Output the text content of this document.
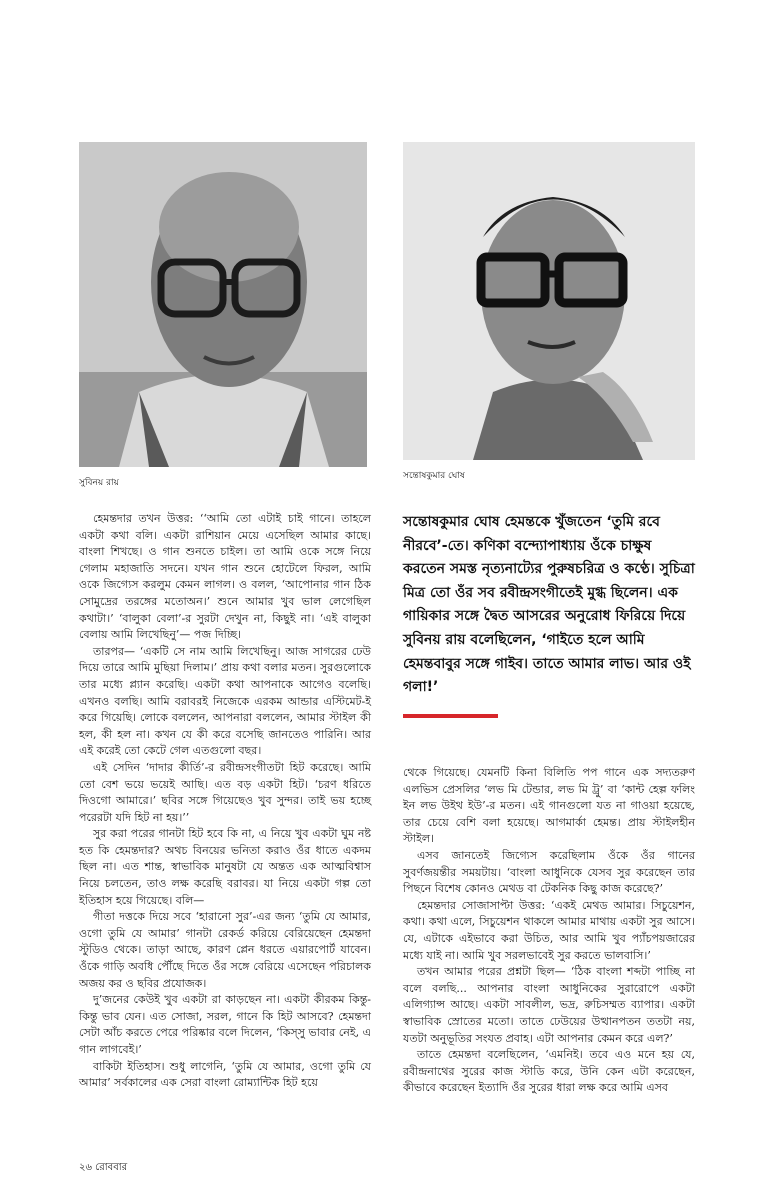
সুবিনয় রায়
সন্তোষকুমার ঘোষ

হেমন্তদার তখন উত্তর: ‘‘আমি তো এটাই চাই গানে। তাহলে একটা কথা বলি। একটা রাশিয়ান মেয়ে এসেছিল আমার কাছে। বাংলা শিখছে। ও গান শুনতে চাইল। তা আমি ওকে সঙ্গে নিয়ে গেলাম মহাজাতি সদনে। যখন গান শুনে হোটেলে ফিরল, আমি ওকে জিগ্যেস করলুম কেমন লাগল। ও বলল, ‘আপোনার গান ঠিক সোমুদ্রের তরঙ্গের মতোঅন।’ শুনে আমার খুব ভাল লেগেছিল কথাটা।’ ‘বালুকা বেলা’-র সুরটা দেখুন না, কিছুই না। ‘এই বালুকা বেলায় আমি লিখেছিনু’— পজ দিচ্ছি।

তারপর— ‘একটি সে নাম আমি লিখেছিনু। আজ সাগরের ঢেউ দিয়ে তারে আমি মুছিয়া দিলাম।’ প্রায় কথা বলার মতন। সুরগুলোকে তার মধ্যে প্ল্যান করেছি। একটা কথা আপনাকে আগেও বলেছি। এখনও বলছি। আমি বরাবরই নিজেকে এরকম আন্ডার এস্টিমেট-ই করে গিয়েছি। লোকে বললেন, আপনারা বললেন, আমার স্টাইল কী হল, কী হল না। কখন যে কী করে বসেছি জানতেও পারিনি। আর এই করেই তো কেটে গেল এতগুলো বছর।

এই সেদিন ‘দাদার কীর্তি’-র রবীন্দ্রসংগীতটা হিট করেছে। আমি তো বেশ ভয়ে ভয়েই আছি। এত বড় একটা হিট। ‘চরণ ধরিতে দিওগো আমারে।’ ছবির সঙ্গে গিয়েছেও খুব সুন্দর। তাই ভয় হচ্ছে পরেরটা যদি হিট না হয়।’’

সুর করা পরের গানটা হিট হবে কি না, এ নিয়ে খুব একটা ঘুম নষ্ট হত কি হেমন্তদার? অথচ বিনয়ের ভনিতা করাও ওঁর ধাতে একদম ছিল না। এত শান্ত, স্বাভাবিক মানুষটা যে অন্তত এক আত্মবিশ্বাস নিয়ে চলতেন, তাও লক্ষ করেছি বরাবর। যা নিয়ে একটা গল্প তো ইতিহাস হয়ে গিয়েছে। বলি—

গীতা দত্তকে দিয়ে সবে ‘হারানো সুর’-এর জন্য ‘তুমি যে আমার, ওগো তুমি যে আমার’ গানটা রেকর্ড করিয়ে বেরিয়েছেন হেমন্তদা স্টুডিও থেকে। তাড়া আছে, কারণ প্লেন ধরতে এয়ারপোর্ট যাবেন। ওঁকে গাড়ি অবধি পৌঁছে দিতে ওঁর সঙ্গে বেরিয়ে এসেছেন পরিচালক অজয় কর ও ছবির প্রযোজক।

দু’জনের কেউই খুব একটা রা কাড়ছেন না। একটা কীরকম কিন্তু-কিন্তু ভাব যেন। এত সোজা, সরল, গানে কি হিট আসবে? হেমন্তদা সেটা আঁচ করতে পেরে পরিষ্কার বলে দিলেন, ‘কিস্সু ভাবার নেই, এ গান লাগবেই।’

বাকিটা ইতিহাস। শুধু লাগেনি, ‘তুমি যে আমার, ওগো তুমি যে আমার’ সর্বকালের এক সেরা বাংলা রোম্যান্টিক হিট হয়ে

সন্তোষকুমার ঘোষ হেমন্তকে খুঁজতেন ‘তুমি রবে নীরবে’-তে। কণিকা বন্দ্যোপাধ্যায় ওঁকে চাক্ষুষ করতেন সমস্ত নৃত্যনাট্যের পুরুষচরিত্র ও কণ্ঠে। সুচিত্রা মিত্র তো ওঁর সব রবীন্দ্রসংগীতেই মুগ্ধ ছিলেন। এক গায়িকার সঙ্গে দ্বৈত আসরের অনুরোধ ফিরিয়ে দিয়ে সুবিনয় রায় বলেছিলেন, ‘গাইতে হলে আমি হেমন্তবাবুর সঙ্গে গাইব। তাতে আমার লাভ। আর ওই গলা!’

থেকে গিয়েছে। যেমনটি কিনা বিলিতি পপ গানে এক সদ্যতরুণ এলভিস প্রেসলির ‘লভ মি টেন্ডার, লভ মি ট্রু’ বা ‘কান্ট হেল্প ফলিং ইন লভ উইথ ইউ’-র মতন। এই গানগুলো যত না গাওয়া হয়েছে, তার চেয়ে বেশি বলা হয়েছে। আগমার্কা হেমন্ত। প্রায় স্টাইলহীন স্টাইল।

এসব জানতেই জিগ্যেস করেছিলাম ওঁকে ওঁর গানের সুবর্ণজয়ন্তীর সময়টায়। ‘বাংলা আধুনিকে যেসব সুর করেছেন তার পিছনে বিশেষ কোনও মেথড বা টেকনিক কিছু কাজ করেছে?’

হেমন্তদার সোজাসাপ্টা উত্তর: ‘একই মেথড আমার। সিচুয়েশন, কথা। কথা এলে, সিচুয়েশন থাকলে আমার মাথায় একটা সুর আসে। যে, এটাকে এইভাবে করা উচিত, আর আমি খুব প্যাঁচপয়জারের মধ্যে যাই না। আমি খুব সরলভাবেই সুর করতে ভালবাসি।’

তখন আমার পরের প্রশ্নটা ছিল— ‘ঠিক বাংলা শব্দটা পাচ্ছি না বলে বলছি... আপনার বাংলা আধুনিকের সুরারোপে একটা এলিগ্যান্স আছে। একটা সাবলীল, ভদ্র, রুচিসম্মত ব্যাপার। একটা স্বাভাবিক স্রোতের মতো। তাতে ঢেউয়ের উত্থানপতন ততটা নয়, যতটা অনুভূতির সংযত প্রবাহ। এটা আপনার কেমন করে এল?’

তাতে হেমন্তদা বলেছিলেন, ‘এমনিই। তবে এও মনে হয় যে, রবীন্দ্রনাথের সুরের কাজ স্টাডি করে, উনি কেন এটা করেছেন, কীভাবে করেছেন ইত্যাদি ওঁর সুরের ধারা লক্ষ করে আমি এসব

২৬ রোববার
